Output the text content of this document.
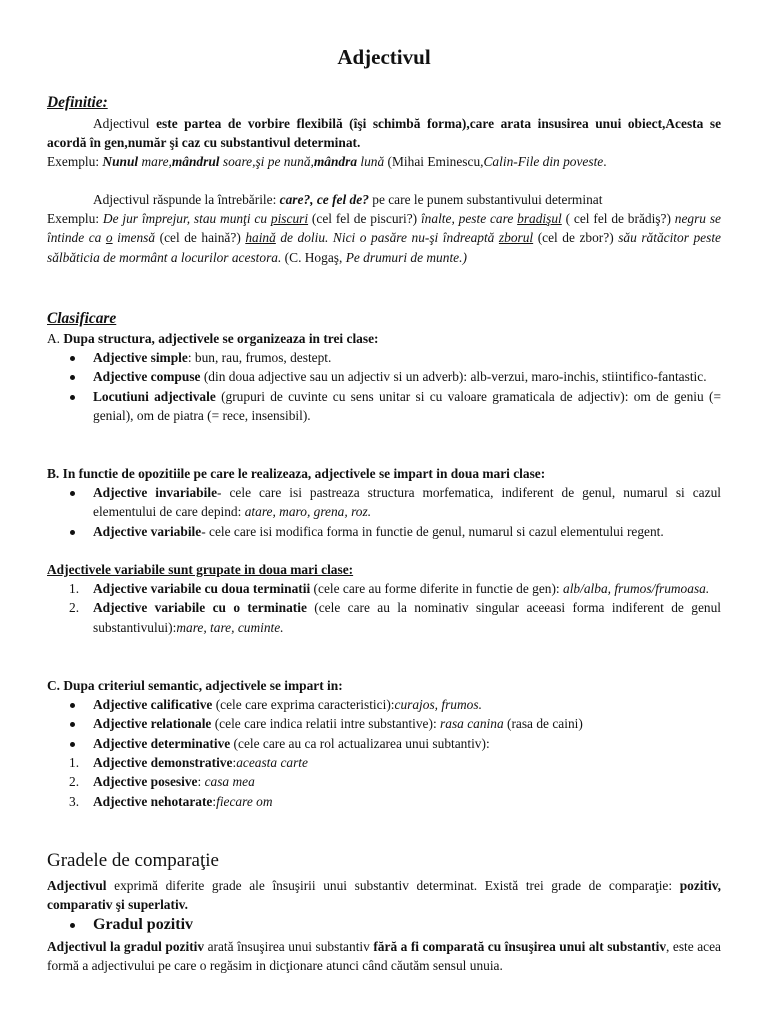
Adjectivul
Definitie:

Adjectivul este partea de vorbire flexibilă (îşi schimbă forma),care arata insusirea unui obiect,Acesta se acordă în gen,număr şi caz cu substantivul determinat.

Exemplu: Nunul mare,mândrul soare,şi pe nună,mândra lună (Mihai Eminescu,Calin-File din poveste.

Adjectivul răspunde la întrebările: care?, ce fel de? pe care le punem substantivului determinat

Exemplu: De jur împrejur, stau munţi cu piscuri (cel fel de piscuri?) înalte, peste care bradişul ( cel fel de brădiş?) negru se întinde ca o imensă (cel de haină?) haină de doliu. Nici o pasăre nu-şi îndreaptă zborul (cel de zbor?) său rătăcitor peste sălbăticia de mormânt a locurilor acestora. (C. Hogaş, Pe drumuri de munte.)

Clasificare

A. Dupa structura, adjectivele se organizeaza in trei clase:

Adjective simple: bun, rau, frumos, destept.
Adjective compuse (din doua adjective sau un adjectiv si un adverb): alb-verzui, maro-inchis, stiintifico-fantastic.
Locutiuni adjectivale (grupuri de cuvinte cu sens unitar si cu valoare gramaticala de adjectiv): om de geniu (= genial), om de piatra (= rece, insensibil).

B. In functie de opozitiile pe care le realizeaza, adjectivele se impart in doua mari clase:

Adjective invariabile- cele care isi pastreaza structura morfematica, indiferent de genul, numarul si cazul elementului de care depind: atare, maro, grena, roz.
Adjective variabile- cele care isi modifica forma in functie de genul, numarul si cazul elementului regent.

Adjectivele variabile sunt grupate in doua mari clase:

1. Adjective variabile cu doua terminatii (cele care au forme diferite in functie de gen): alb/alba, frumos/frumoasa.
2. Adjective variabile cu o terminatie (cele care au la nominativ singular aceeasi forma indiferent de genul substantivului):mare, tare, cuminte.

C. Dupa criteriul semantic, adjectivele se impart in:

Adjective calificative (cele care exprima caracteristici):curajos, frumos.
Adjective relationale (cele care indica relatii intre substantive): rasa canina (rasa de caini)
Adjective determinative (cele care au ca rol actualizarea unui subtantiv):
1. Adjective demonstrative:aceasta carte
2. Adjective posesive: casa mea
3. Adjective nehotarate:fiecare om
Gradele de comparaţie

Adjectivul exprimă diferite grade ale însuşirii unui substantiv determinat. Există trei grade de comparaţie: pozitiv, comparativ şi superlativ.

Gradul pozitiv

Adjectivul la gradul pozitiv arată însuşirea unui substantiv fără a fi comparată cu însuşirea unui alt substantiv, este acea formă a adjectivului pe care o regăsim in dicţionare atunci când căutăm sensul unuia.
